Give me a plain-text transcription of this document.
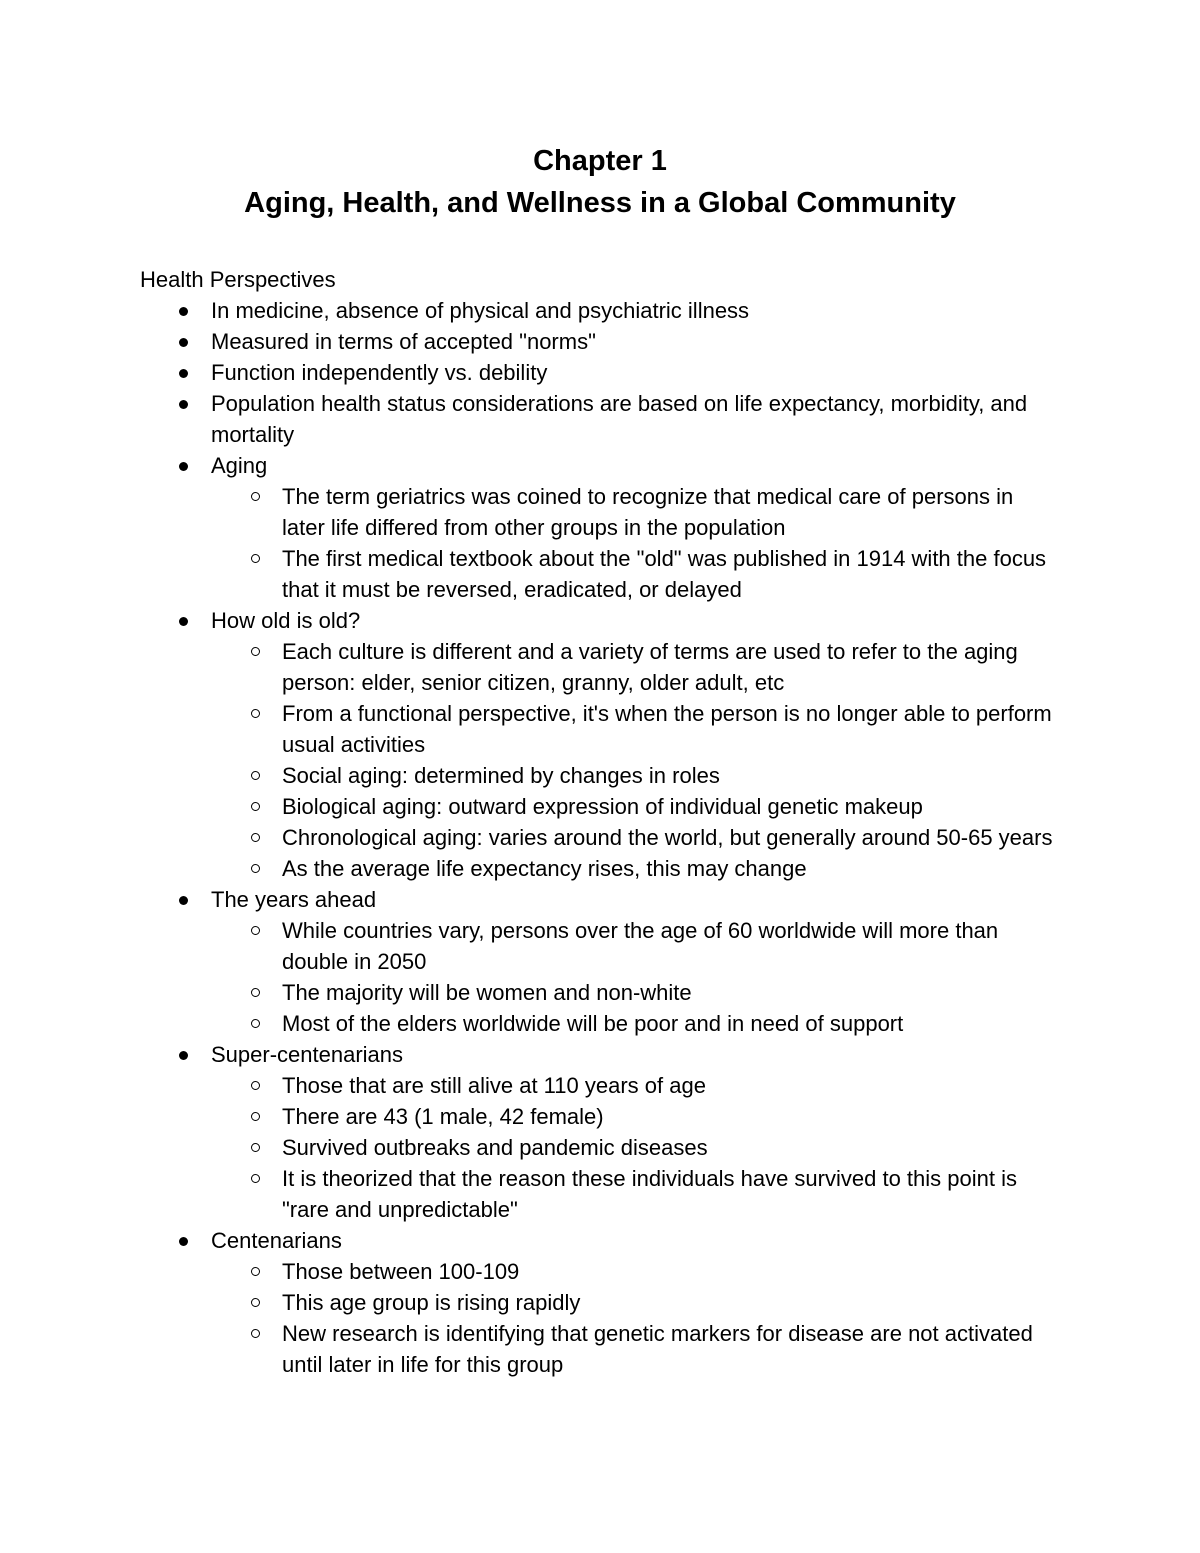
Chapter 1

Aging, Health, and Wellness in a Global Community

Health Perspectives

In medicine, absence of physical and psychiatric illness
Measured in terms of accepted "norms"
Function independently vs. debility
Population health status considerations are based on life expectancy, morbidity, and mortality
Aging
The term geriatrics was coined to recognize that medical care of persons in later life differed from other groups in the population
The first medical textbook about the "old" was published in 1914 with the focus that it must be reversed, eradicated, or delayed
How old is old?
Each culture is different and a variety of terms are used to refer to the aging person: elder, senior citizen, granny, older adult, etc
From a functional perspective, it's when the person is no longer able to perform usual activities
Social aging: determined by changes in roles
Biological aging: outward expression of individual genetic makeup
Chronological aging: varies around the world, but generally around 50-65 years
As the average life expectancy rises, this may change
The years ahead
While countries vary, persons over the age of 60 worldwide will more than double in 2050
The majority will be women and non-white
Most of the elders worldwide will be poor and in need of support
Super-centenarians
Those that are still alive at 110 years of age
There are 43 (1 male, 42 female)
Survived outbreaks and pandemic diseases
It is theorized that the reason these individuals have survived to this point is "rare and unpredictable"
Centenarians
Those between 100-109
This age group is rising rapidly
New research is identifying that genetic markers for disease are not activated until later in life for this group
